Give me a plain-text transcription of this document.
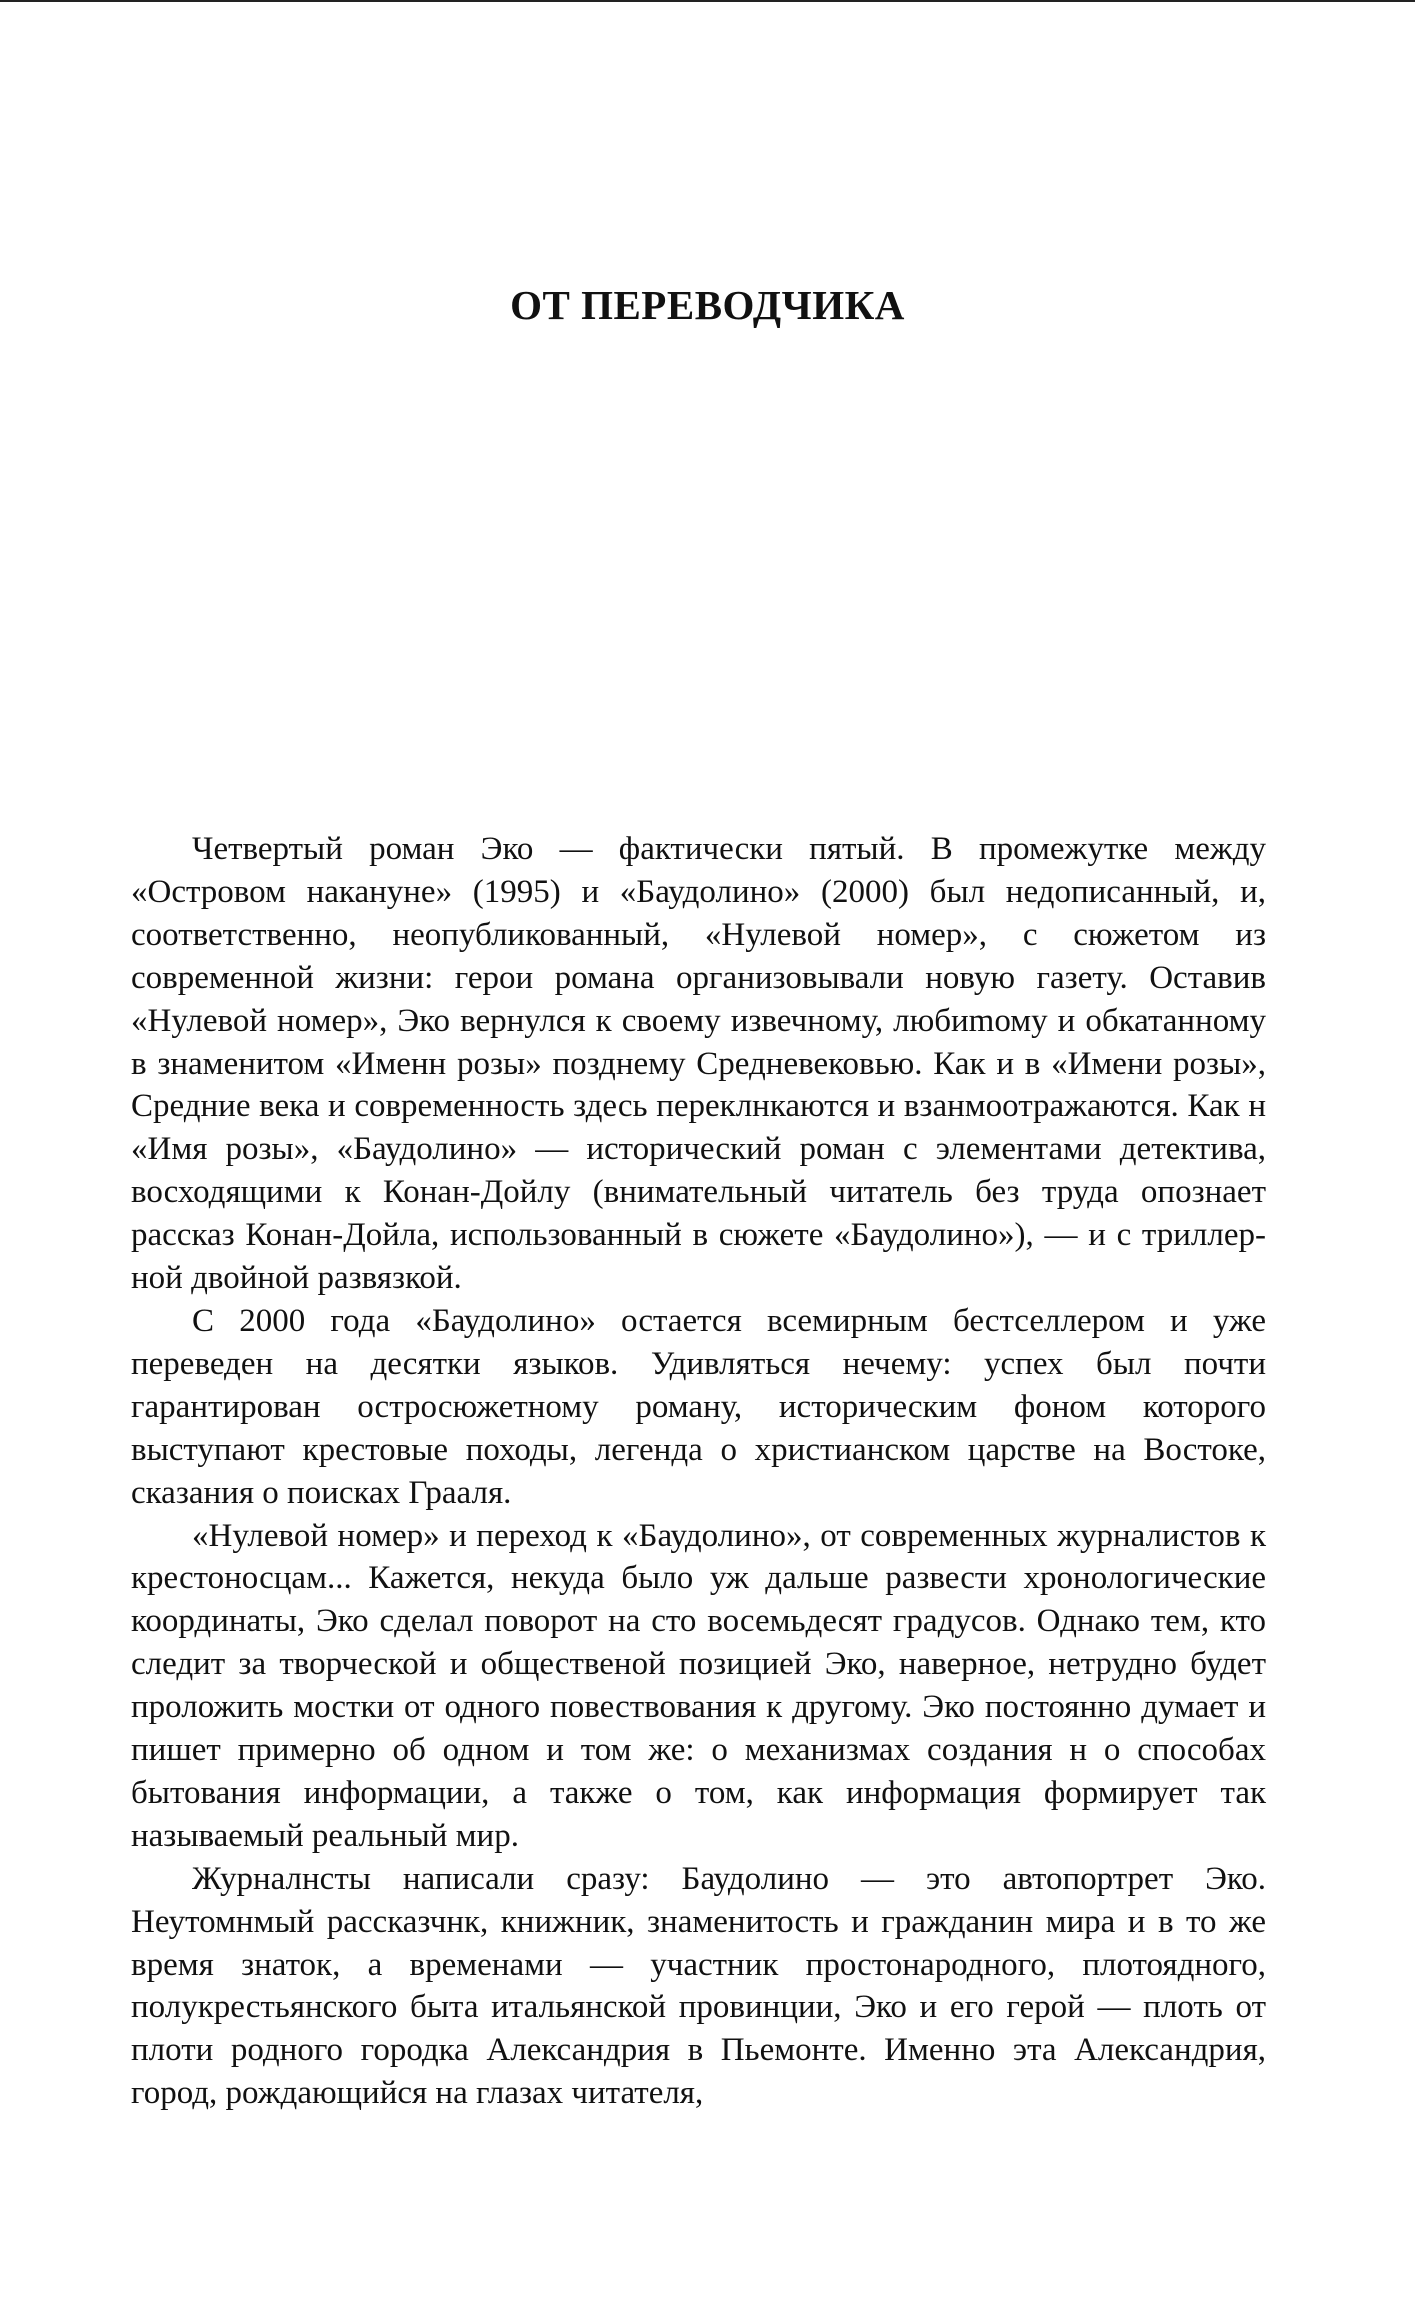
ОТ ПЕРЕВОДЧИКА

Четвертый роман Эко — фактически пятый. В промежутке между «Островом накануне» (1995) и «Баудолино» (2000) был недописанный, и, соответственно, неопубликованный, «Нулевой номер», с сюжетом из современной жизни: герои романа организовывали новую газету. Оставив «Нулевой номер», Эко вернулся к своему извечному, любиmому и обкатанному в знаменитом «Именн розы» позднему Средневековью. Как и в «Имени розы», Средние века и современность здесь переклнкаются и взанмоотражаются. Как н «Имя розы», «Баудолино» — исторический роман с элементами детектива, восходящими к Конан-Дойлу (внимательный читатель без труда опознает рассказ Конан-Дойла, использованный в сюжете «Баудолино»), — и с триллерной двойной развязкой.

С 2000 года «Баудолино» остается всемирным бестселлером и уже переведен на десятки языков. Удивляться нечему: успех был почти гарантирован остросюжетному роману, историческим фоном которого выступают крестовые походы, легенда о христианском царстве на Востоке, сказания о поисках Грааля.

«Нулевой номер» и переход к «Баудолино», от современных журналистов к крестоносцам... Кажется, некуда было уж дальше развести хронологические координаты, Эко сделал поворот на сто восемьдесят градусов. Однако тем, кто следит за творческой и общественой позицией Эко, наверное, нетрудно будет проложить мостки от одного повествования к другому. Эко постоянно думает и пишет примерно об одном и том же: о механизмах создания н о способах бытования информации, а также о том, как информация формирует так называемый реальный мир.

Журналнсты написали сразу: Баудолино — это автопортрет Эко. Неутомнмый рассказчнк, книжник, знаменитость и гражданин мира и в то же время знаток, а временами — участник простонародного, плотоядного, полукрестьянского быта итальянской провинции, Эко и его герой — плоть от плоти родного городка Александрия в Пьемонте. Именно эта Александрия, город, рождающийся на глазах читателя,
